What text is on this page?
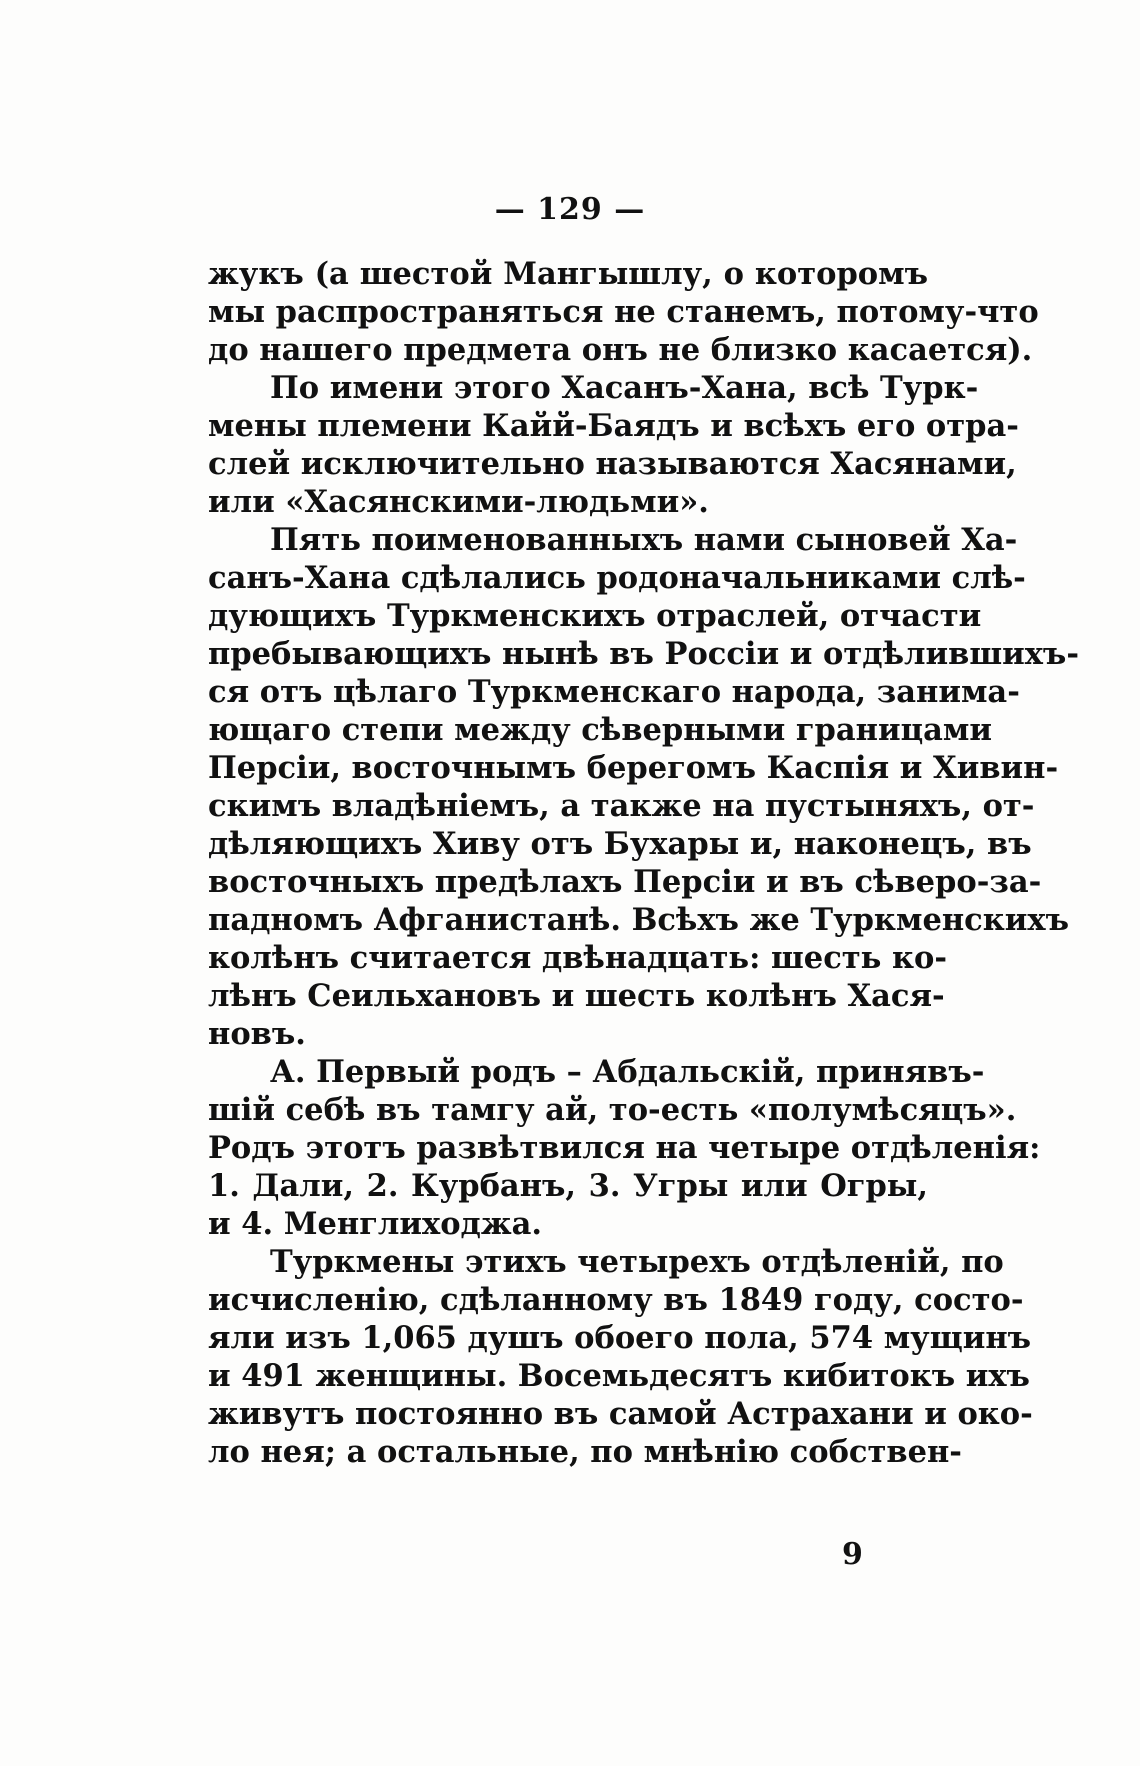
— 129 —
жукъ (а шестой Мангышлу, о которомъ
мы распространяться не станемъ, потому-что
до нашего предмета онъ не близко касается).
По имени этого Хасанъ-Хана, всѣ Турк-
мены племени Кайй-Баядъ и всѣхъ его отра-
слей исключительно называются Хасянами,
или «Хасянскими-людьми».
Пять поименованныхъ нами сыновей Ха-
санъ-Хана сдѣлались родоначальниками слѣ-
дующихъ Туркменскихъ отраслей, отчасти
пребывающихъ нынѣ въ Россіи и отдѣлившихъ-
ся отъ цѣлаго Туркменскаго народа, занима-
ющаго степи между сѣверными границами
Персіи, восточнымъ берегомъ Каспія и Хивин-
скимъ владѣніемъ, а также на пустыняхъ, от-
дѣляющихъ Хиву отъ Бухары и, наконецъ, въ
восточныхъ предѣлахъ Персіи и въ сѣверо-за-
падномъ Афганистанѣ. Всѣхъ же Туркменскихъ
колѣнъ считается двѣнадцать: шесть ко-
лѣнъ Сеильхановъ и шесть колѣнъ Хася-
новъ.
А. Первый родъ – Абдальскій, принявъ-
шій себѣ въ тамгу ай, то-есть «полумѣсяцъ».
Родъ этотъ развѣтвился на четыре отдѣленія:
1. Дали, 2. Курбанъ, 3. Угры или Огры,
и 4. Менглиходжа.
Туркмены этихъ четырехъ отдѣленій, по
исчисленію, сдѣланному въ 1849 году, состо-
яли изъ 1,065 душъ обоего пола, 574 мущинъ
и 491 женщины. Восемьдесятъ кибитокъ ихъ
живутъ постоянно въ самой Астрахани и око-
ло нея; а остальные, по мнѣнію собствен-
9
